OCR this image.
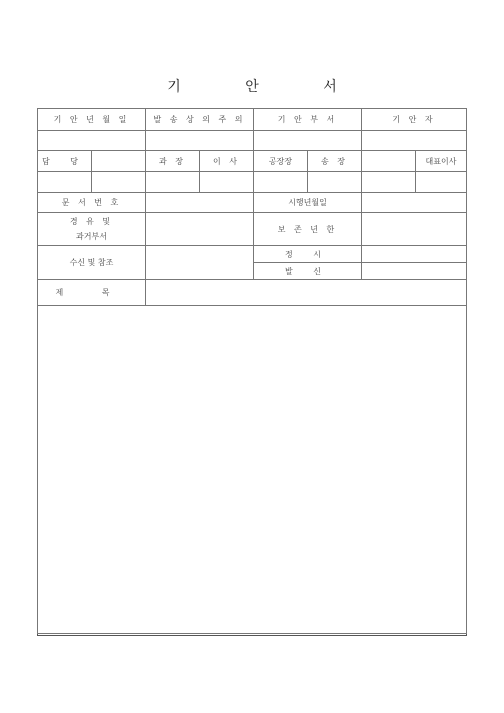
기 안 서
기 안 년 월 일		발 송 상 의 주 의		기 안 부 서		기 안 자	

담 당		과 장	이 사	공장장	송 장		대표이사

문 서 번 호				시행년월일			

경 유 및
과거부서				보 존 년 한			
수신 및 참조				정 시			
				발 신			
제 목							
